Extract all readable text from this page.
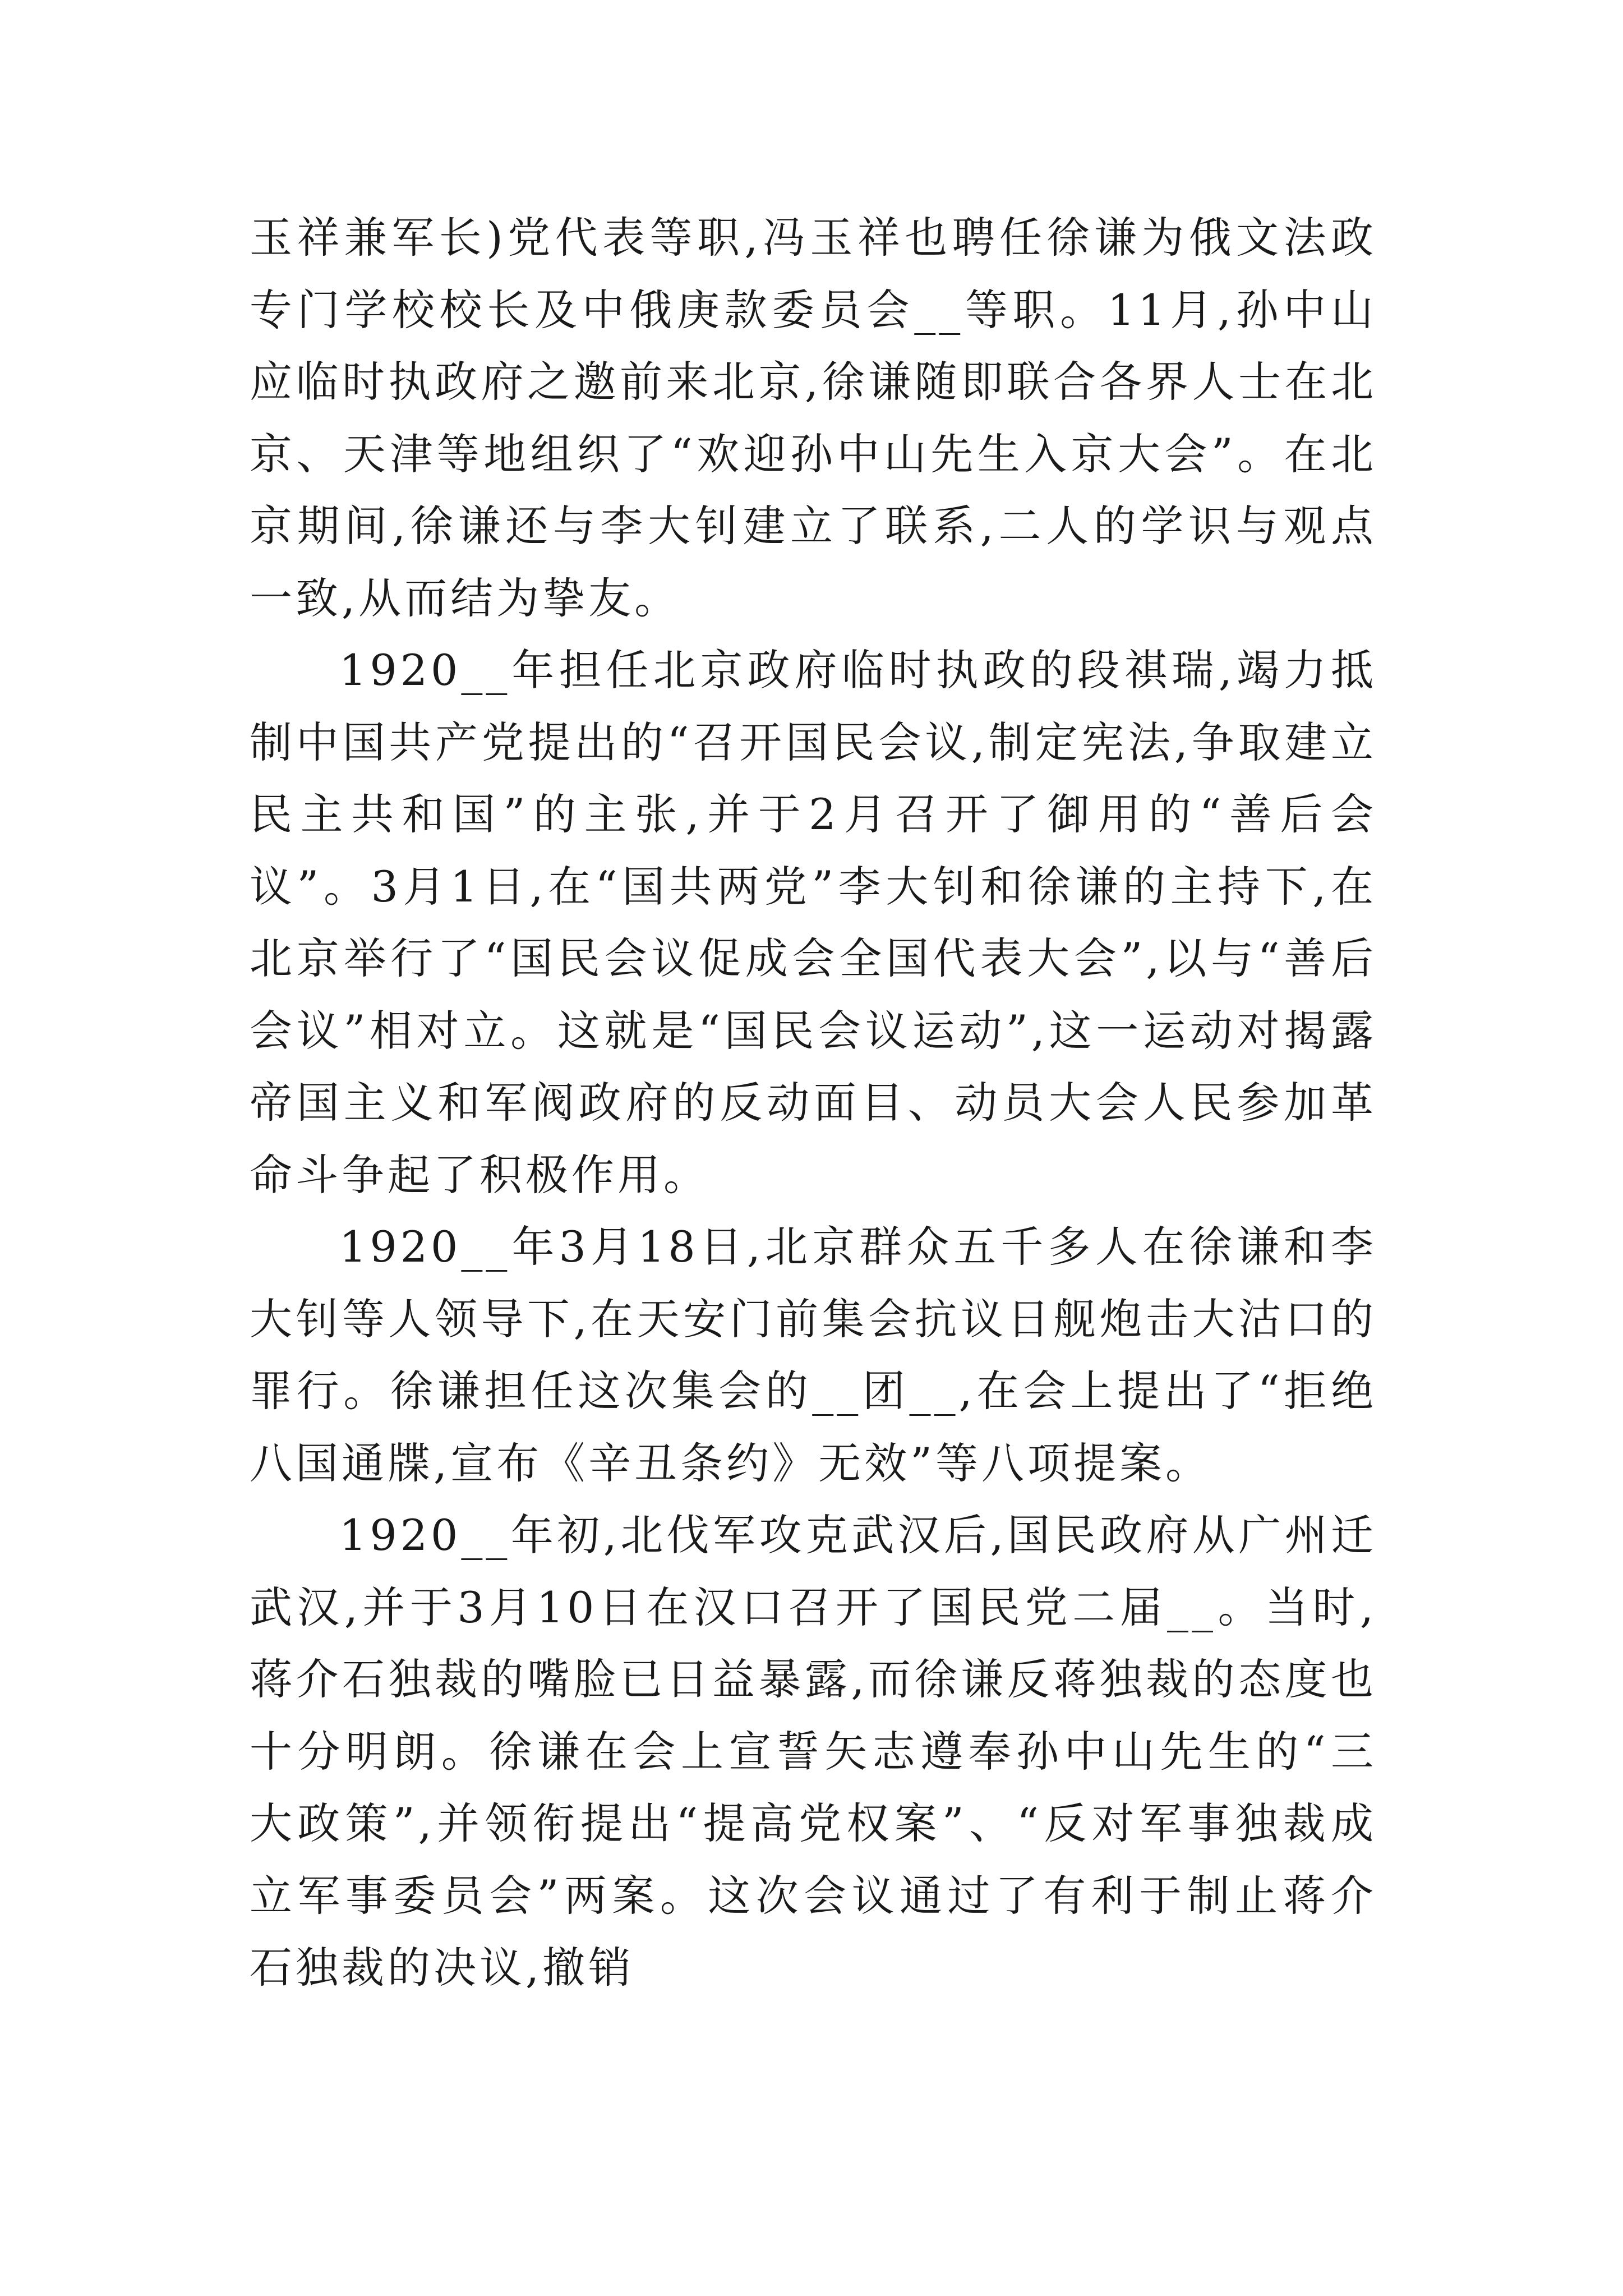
玉祥兼军长)党代表等职,冯玉祥也聘任徐谦为俄文法政专门学校校长及中俄庚款委员会__等职。11月,孙中山应临时执政府之邀前来北京,徐谦随即联合各界人士在北京、天津等地组织了“欢迎孙中山先生入京大会”。在北京期间,徐谦还与李大钊建立了联系,二人的学识与观点一致,从而结为挚友。

1920__年担任北京政府临时执政的段祺瑞,竭力抵制中国共产党提出的“召开国民会议,制定宪法,争取建立民主共和国”的主张,并于2月召开了御用的“善后会议”。3月1日,在“国共两党”李大钊和徐谦的主持下,在北京举行了“国民会议促成会全国代表大会”,以与“善后会议”相对立。这就是“国民会议运动”,这一运动对揭露帝国主义和军阀政府的反动面目、动员大会人民参加革命斗争起了积极作用。

1920__年3月18日,北京群众五千多人在徐谦和李大钊等人领导下,在天安门前集会抗议日舰炮击大沽口的罪行。徐谦担任这次集会的__团__,在会上提出了“拒绝八国通牒,宣布《辛丑条约》无效”等八项提案。

1920__年初,北伐军攻克武汉后,国民政府从广州迁武汉,并于3月10日在汉口召开了国民党二届__。当时,蒋介石独裁的嘴脸已日益暴露,而徐谦反蒋独裁的态度也十分明朗。徐谦在会上宣誓矢志遵奉孙中山先生的“三大政策”,并领衔提出“提高党权案”、“反对军事独裁成立军事委员会”两案。这次会议通过了有利于制止蒋介石独裁的决议,撤销
